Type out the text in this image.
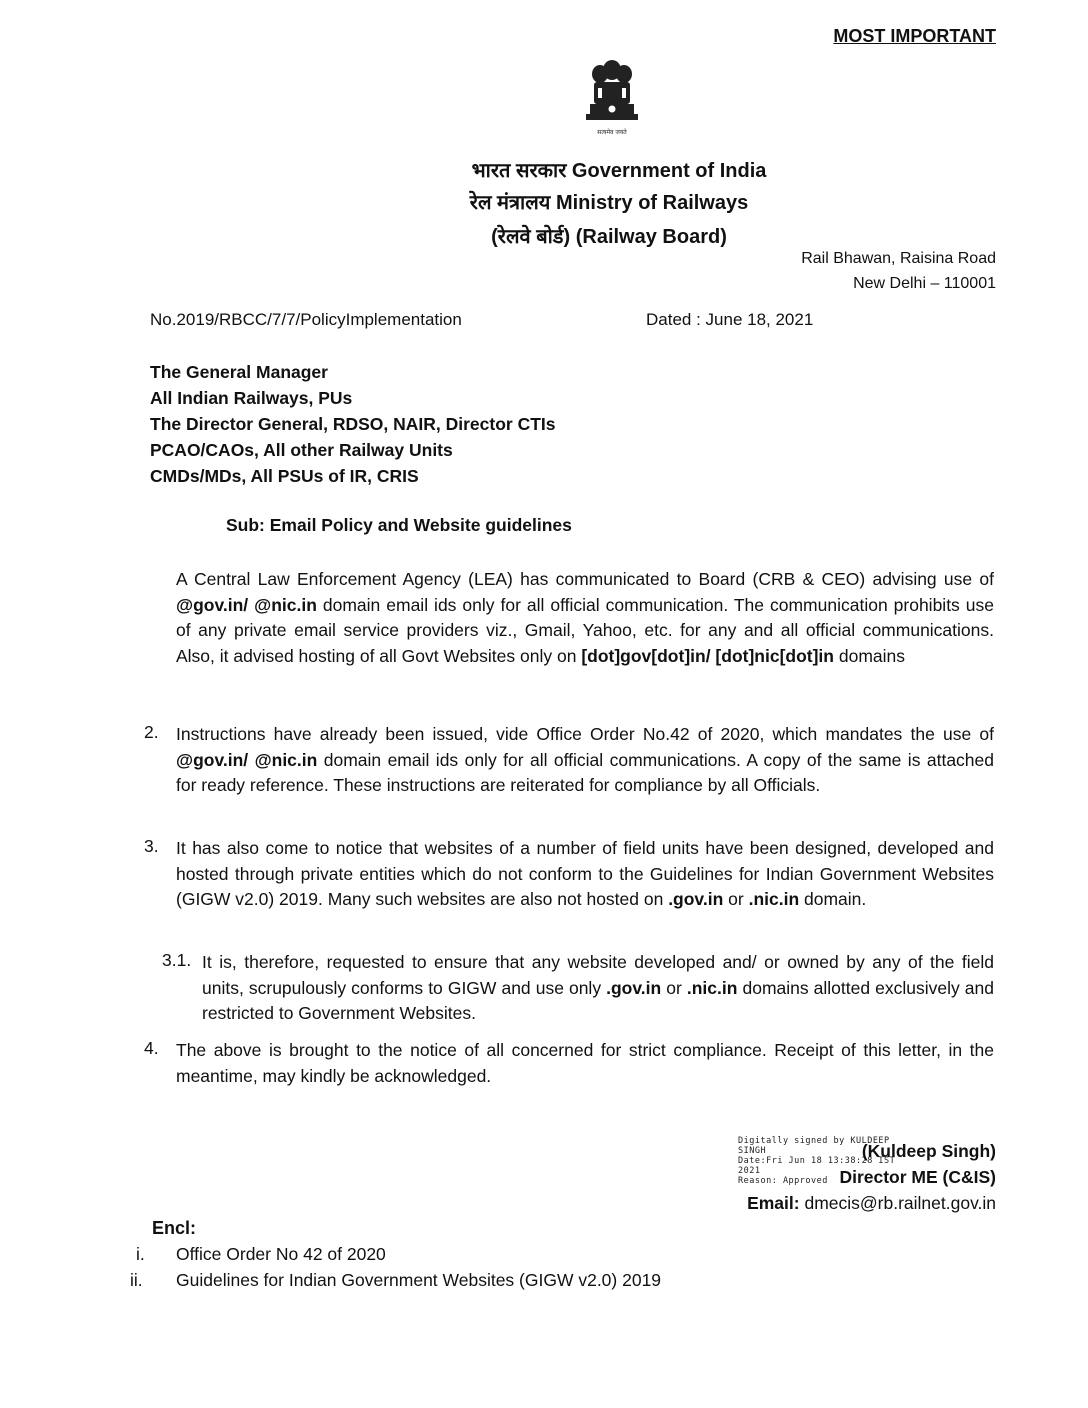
MOST IMPORTANT
सत्यमेव जयते
भारत सरकार Government of India
रेल मंत्रालय Ministry of Railways
(रेलवे बोर्ड) (Railway Board)
Rail Bhawan, Raisina Road
New Delhi – 110001
No.2019/RBCC/7/7/PolicyImplementation	Dated : June 18, 2021
The General Manager
All Indian Railways, PUs
The Director General, RDSO, NAIR, Director CTIs
PCAO/CAOs, All other Railway Units
CMDs/MDs, All PSUs of IR, CRIS
Sub: Email Policy and Website guidelines
A Central Law Enforcement Agency (LEA) has communicated to Board (CRB & CEO) advising use of @gov.in/ @nic.in domain email ids only for all official communication. The communication prohibits use of any private email service providers viz., Gmail, Yahoo, etc. for any and all official communications. Also, it advised hosting of all Govt Websites only on [dot]gov[dot]in/ [dot]nic[dot]in domains
2. Instructions have already been issued, vide Office Order No.42 of 2020, which mandates the use of @gov.in/ @nic.in domain email ids only for all official communications. A copy of the same is attached for ready reference. These instructions are reiterated for compliance by all Officials.
3. It has also come to notice that websites of a number of field units have been designed, developed and hosted through private entities which do not conform to the Guidelines for Indian Government Websites (GIGW v2.0) 2019. Many such websites are also not hosted on .gov.in or .nic.in domain.
3.1. It is, therefore, requested to ensure that any website developed and/ or owned by any of the field units, scrupulously conforms to GIGW and use only .gov.in or .nic.in domains allotted exclusively and restricted to Government Websites.
4. The above is brought to the notice of all concerned for strict compliance. Receipt of this letter, in the meantime, may kindly be acknowledged.
Digitally signed by KULDEEP
SINGH
Date:Fri Jun 18 13:38:28 IST
2021
Reason: Approved
(Kuldeep Singh)
Director ME (C&IS)
Email: dmecis@rb.railnet.gov.in
Encl:
i. Office Order No 42 of 2020
ii. Guidelines for Indian Government Websites (GIGW v2.0) 2019
